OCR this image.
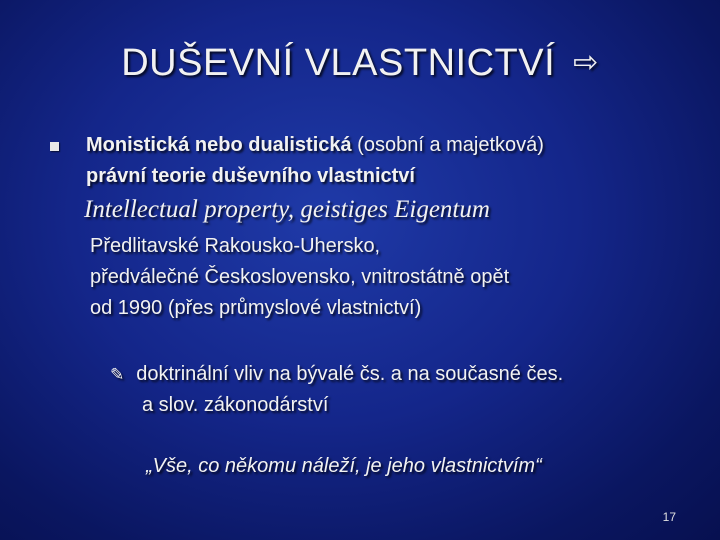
DUŠEVNÍ VLASTNICTVÍ ⇨
Monistická nebo dualistická (osobní a majetková)
právní teorie duševního vlastnictví
Intellectual property, geistiges Eigentum
Předlitavské Rakousko-Uhersko,
předválečné Československo, vnitrostátně opět
od 1990 (přes průmyslové vlastnictví)
✎ doktrinální vliv na bývalé čs. a na současné čes.
a slov. zákonodárství
„Vše, co někomu náleží, je jeho vlastnictvím“
17
